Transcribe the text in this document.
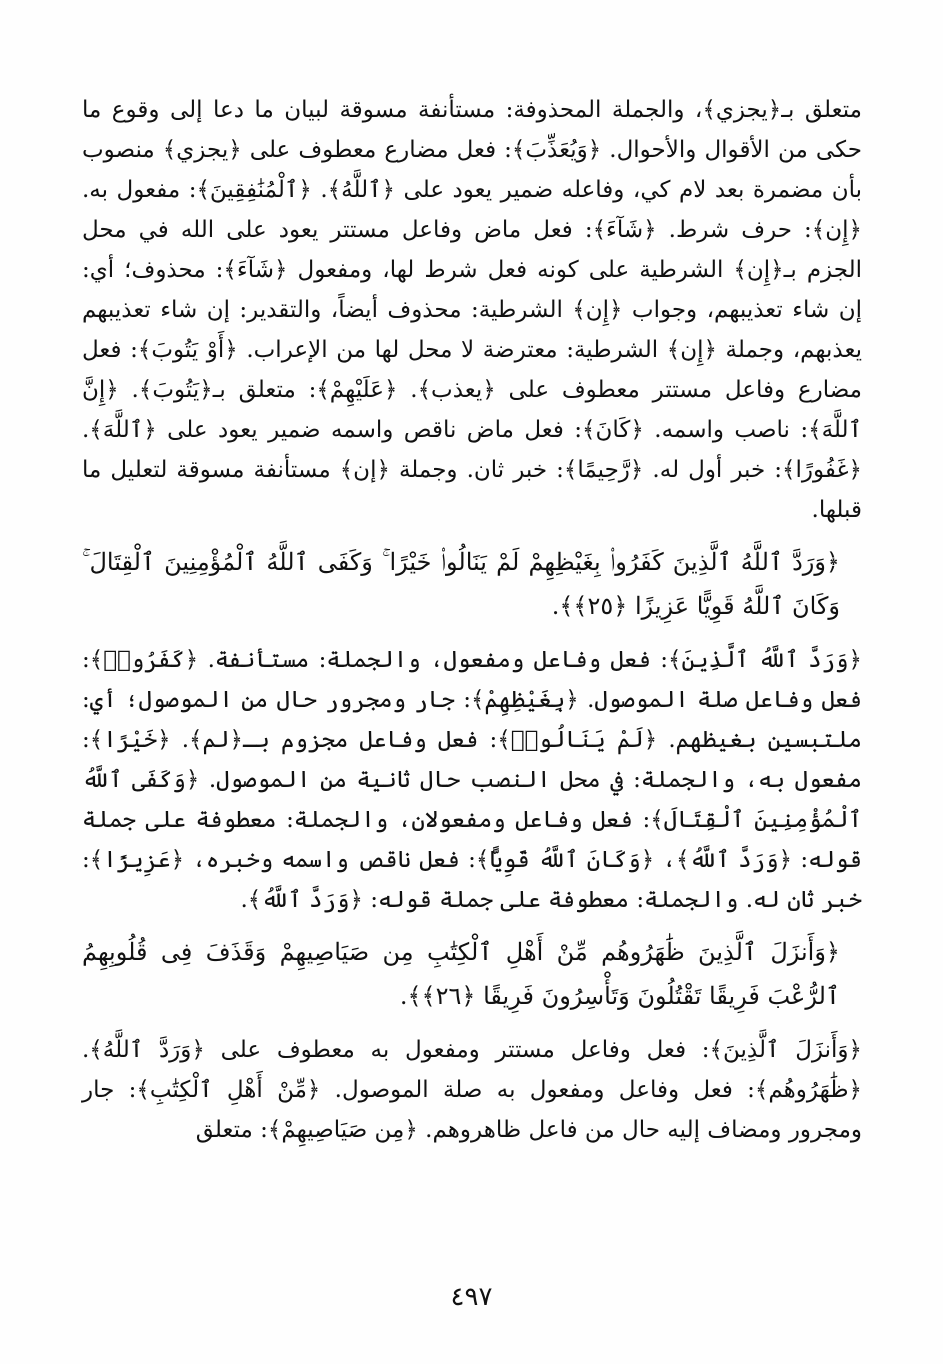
متعلق بـ﴿يجزي﴾، والجملة المحذوفة: مستأنفة مسوقة لبيان ما دعا إلى وقوع ما حكى من الأقوال والأحوال. ﴿وَيُعَذِّبَ﴾: فعل مضارع معطوف على ﴿يجزي﴾ منصوب بأن مضمرة بعد لام كي، وفاعله ضمير يعود على ﴿ٱللَّهُ﴾. ﴿ٱلْمُنَٰفِقِينَ﴾: مفعول به. ﴿إِن﴾: حرف شرط. ﴿شَآءَ﴾: فعل ماض وفاعل مستتر يعود على الله في محل الجزم بـ﴿إِن﴾ الشرطية على كونه فعل شرط لها، ومفعول ﴿شَآءَ﴾: محذوف؛ أي: إن شاء تعذيبهم، وجواب ﴿إِن﴾ الشرطية: محذوف أيضاً، والتقدير: إن شاء تعذيبهم يعذبهم، وجملة ﴿إِن﴾ الشرطية: معترضة لا محل لها من الإعراب. ﴿أَوْ يَتُوبَ﴾: فعل مضارع وفاعل مستتر معطوف على ﴿يعذب﴾. ﴿عَلَيْهِمْ﴾: متعلق بـ﴿يَتُوبَ﴾. ﴿إِنَّ ٱللَّهَ﴾: ناصب واسمه. ﴿كَانَ﴾: فعل ماض ناقص واسمه ضمير يعود على ﴿ٱللَّهَ﴾. ﴿غَفُورًا﴾: خبر أول له. ﴿رَّحِيمًا﴾: خبر ثان. وجملة ﴿إن﴾ مستأنفة مسوقة لتعليل ما قبلها.

﴿وَرَدَّ ٱللَّهُ ٱلَّذِينَ كَفَرُوا۟ بِغَيْظِهِمْ لَمْ يَنَالُوا۟ خَيْرًا ۚ وَكَفَى ٱللَّهُ ٱلْمُؤْمِنِينَ ٱلْقِتَالَ ۚ وَكَانَ ٱللَّهُ قَوِيًّا عَزِيزًا ﴿٢٥﴾﴾.

﴿وَرَدَّ ٱللَّهُ ٱلَّذِينَ﴾: فعل وفاعل ومفعول، والجملة: مستأنفة. ﴿كَفَرُوا۟﴾: فعل وفاعل صلة الموصول. ﴿بِغَيْظِهِمْ﴾: جار ومجرور حال من الموصول؛ أي: ملتبسين بغيظهم. ﴿لَمْ يَنَالُوا۟﴾: فعل وفاعل مجزوم بـ﴿لم﴾. ﴿خَيْرًا﴾: مفعول به، والجملة: في محل النصب حال ثانية من الموصول. ﴿وَكَفَى ٱللَّهُ ٱلْمُؤْمِنِينَ ٱلْقِتَالَ﴾: فعل وفاعل ومفعولان، والجملة: معطوفة على جملة قوله: ﴿وَرَدَّ ٱللَّهُ﴾، ﴿وَكَانَ ٱللَّهُ قَوِيًّا﴾: فعل ناقص واسمه وخبره، ﴿عَزِيزًا﴾: خبر ثان له. والجملة: معطوفة على جملة قوله: ﴿وَرَدَّ ٱللَّهُ﴾.

﴿وَأَنزَلَ ٱلَّذِينَ ظَٰهَرُوهُم مِّنْ أَهْلِ ٱلْكِتَٰبِ مِن صَيَاصِيهِمْ وَقَذَفَ فِى قُلُوبِهِمُ ٱلرُّعْبَ فَرِيقًا تَقْتُلُونَ وَتَأْسِرُونَ فَرِيقًا ﴿٢٦﴾﴾.

﴿وَأَنزَلَ ٱلَّذِينَ﴾: فعل وفاعل مستتر ومفعول به معطوف على ﴿وَرَدَّ ٱللَّهُ﴾. ﴿ظَٰهَرُوهُم﴾: فعل وفاعل ومفعول به صلة الموصول. ﴿مِّنْ أَهْلِ ٱلْكِتَٰبِ﴾: جار ومجرور ومضاف إليه حال من فاعل ظاهروهم. ﴿مِن صَيَاصِيهِمْ﴾: متعلق

٤٩٧
